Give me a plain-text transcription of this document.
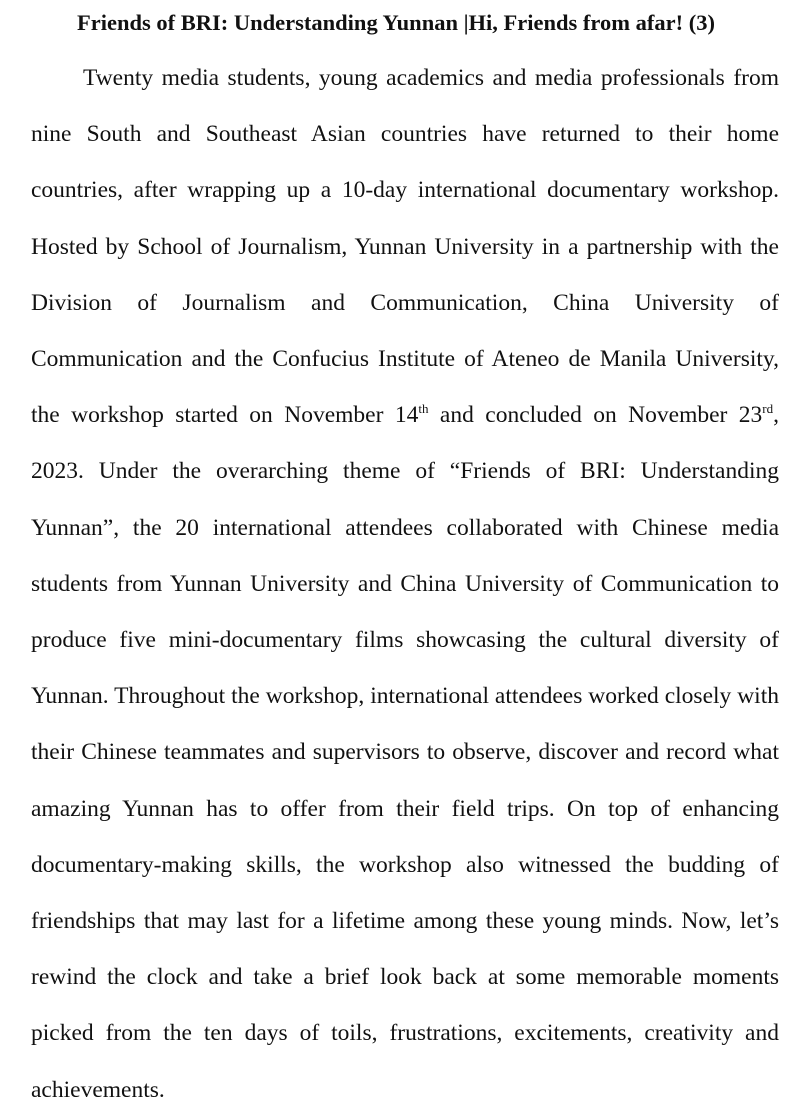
Friends of BRI: Understanding Yunnan |Hi, Friends from afar! (3)

Twenty media students, young academics and media professionals from nine South and Southeast Asian countries have returned to their home countries, after wrapping up a 10-day international documentary workshop. Hosted by School of Journalism, Yunnan University in a partnership with the Division of Journalism and Communication, China University of Communication and the Confucius Institute of Ateneo de Manila University, the workshop started on November 14th and concluded on November 23rd, 2023. Under the overarching theme of “Friends of BRI: Understanding Yunnan”, the 20 international attendees collaborated with Chinese media students from Yunnan University and China University of Communication to produce five mini-documentary films showcasing the cultural diversity of Yunnan. Throughout the workshop, international attendees worked closely with their Chinese teammates and supervisors to observe, discover and record what amazing Yunnan has to offer from their field trips. On top of enhancing documentary-making skills, the workshop also witnessed the budding of friendships that may last for a lifetime among these young minds. Now, let’s rewind the clock and take a brief look back at some memorable moments picked from the ten days of toils, frustrations, excitements, creativity and achievements.
